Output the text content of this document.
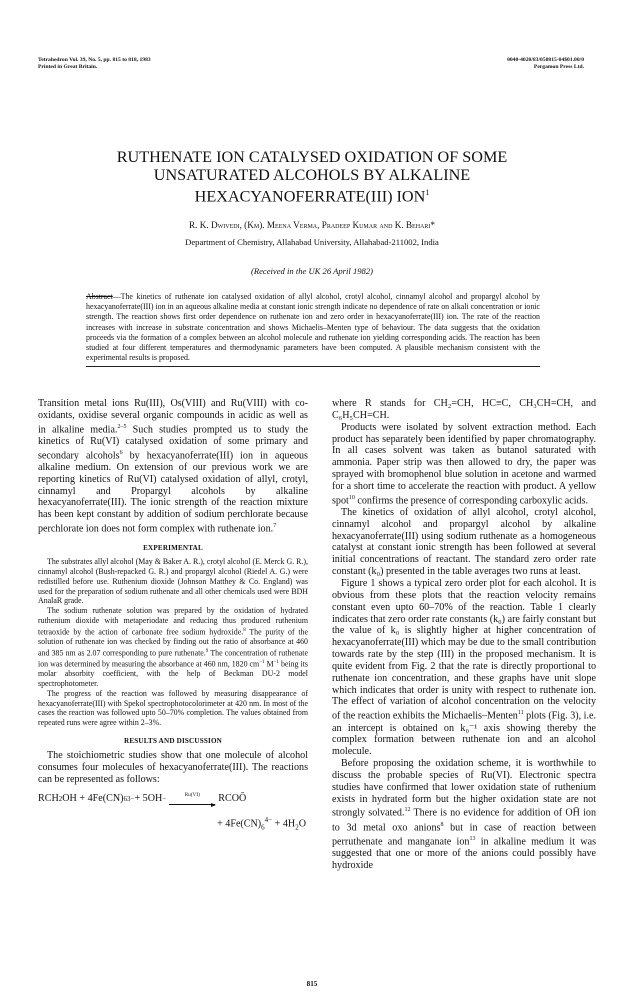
Tetrahedron Vol. 39, No. 5, pp. 815 to 818, 1983
Printed in Great Britain.
0040-4020/83/050815-04$01.00/0
Pergamon Press Ltd.
RUTHENATE ION CATALYSED OXIDATION OF SOME
UNSATURATED ALCOHOLS BY ALKALINE
HEXACYANOFERRATE(III) ION$^1$
R. K. Dwivedi, (Km). Meena Verma, Pradeep Kumar and K. Behari*
Department of Chemistry, Allahabad University, Allahabad-211002, India
(Received in the UK 26 April 1982)
Abstract—The kinetics of ruthenate ion catalysed oxidation of allyl alcohol, crotyl alcohol, cinnamyl alcohol and propargyl alcohol by hexacyanoferrate(III) ion in an aqueous alkaline media at constant ionic strength indicate no dependence of rate on alkali concentration or ionic strength. The reaction shows first order dependence on ruthenate ion and zero order in hexacyanoferrate(III) ion. The rate of the reaction increases with increase in substrate concentration and shows Michaelis–Menten type of behaviour. The data suggests that the oxidation proceeds via the formation of a complex between an alcohol molecule and ruthenate ion yielding corresponding acids. The reaction has been studied at four different temperatures and thermodynamic parameters have been computed. A plausible mechanism consistent with the experimental results is proposed.

Transition metal ions Ru(III), Os(VIII) and Ru(VIII) with co-oxidants, oxidise several organic compounds in acidic as well as in alkaline media.$^{2-5}$ Such studies prompted us to study the kinetics of Ru(VI) catalysed oxidation of some primary and secondary alcohols$^6$ by hexacyanoferrate(III) ion in aqueous alkaline medium. On extension of our previous work we are reporting kinetics of Ru(VI) catalysed oxidation of allyl, crotyl, cinnamyl and Propargyl alcohols by alkaline hexacyanoferrate(III). The ionic strength of the reaction mixture has been kept constant by addition of sodium perchlorate because perchlorate ion does not form complex with ruthenate ion.$^7$

EXPERIMENTAL

The substrates allyl alcohol (May & Baker A. R.), crotyl alcohol (E. Merck G. R.), cinnamyl alcohol (Bush-repacked G. R.) and propargyl alcohol (Riedel A. G.) were redistilled before use. Ruthenium dioxide (Johnson Matthey & Co. England) was used for the preparation of sodium ruthenate and all other chemicals used were BDH AnalaR grade.

The sodium ruthenate solution was prepared by the oxidation of hydrated ruthenium dioxide with metaperiodate and reducing thus produced ruthenium tetraoxide by the action of carbonate free sodium hydroxide.$^8$ The purity of the solution of ruthenate ion was checked by finding out the ratio of absorbance at 460 and 385 nm as 2.07 corresponding to pure ruthenate.$^9$ The concentration of ruthenate ion was determined by measuring the absorbance at 460 nm, 1820 $cm^{-1}$ $M^{-1}$ being its molar absorbity coefficient, with the help of Beckman DU-2 model spectrophotometer.

The progress of the reaction was followed by measuring disappearance of hexacyanoferrate(III) with Spekol spectrophotocolorimeter at 420 nm. In most of the cases the reaction was followed upto 50–70% completion. The values obtained from repeated runs were agree within 2–3%.

RESULTS AND DISCUSSION

The stoichiometric studies show that one molecule of alcohol consumes four molecules of hexacyanoferrate(III). The reactions can be represented as follows:

RCH 2 OH + 4Fe(CN) 6 3− + 5OH −	Ru(VI)	RCOŌ
+ $4Fe(CN)_6^{4-} + 4H_2O$

where R stands for CH₂=CH, HC≡C, CH₃CH=CH, and C₆H₅CH=CH.

Products were isolated by solvent extraction method. Each product has separately been identified by paper chromatography. In all cases solvent was taken as butanol saturated with ammonia. Paper strip was then allowed to dry, the paper was sprayed with bromophenol blue solution in acetone and warmed for a short time to accelerate the reaction with product. A yellow spot$^{10}$ confirms the presence of corresponding carboxylic acids.

The kinetics of oxidation of allyl alcohol, crotyl alcohol, cinnamyl alcohol and propargyl alcohol by alkaline hexacyanoferrate(III) using sodium ruthenate as a homogeneous catalyst at constant ionic strength has been followed at several initial concentrations of reactant. The standard zero order rate constant (k₀) presented in the table averages two runs at least.

Figure 1 shows a typical zero order plot for each alcohol. It is obvious from these plots that the reaction velocity remains constant even upto 60–70% of the reaction. Table 1 clearly indicates that zero order rate constants (k₀) are fairly constant but the value of k₀ is slightly higher at higher concentration of hexacyanoferrate(III) which may be due to the small contribution towards rate by the step (III) in the proposed mechanism. It is quite evident from Fig. 2 that the rate is directly proportional to ruthenate ion concentration, and these graphs have unit slope which indicates that order is unity with respect to ruthenate ion. The effect of variation of alcohol concentration on the velocity of the reaction exhibits the Michaelis–Menten$^{11}$ plots (Fig. 3), i.e. an intercept is obtained on k₀⁻¹ axis showing thereby the complex formation between ruthenate ion and an alcohol molecule.

Before proposing the oxidation scheme, it is worthwhile to discuss the probable species of Ru(VI). Electronic spectra studies have confirmed that lower oxidation state of ruthenium exists in hydrated form but the higher oxidation state are not strongly solvated.$^{12}$ There is no evidence for addition of OH̄ ion to 3d metal oxo anions$^8$ but in case of reaction between perruthenate and manganate ion$^{13}$ in alkaline medium it was suggested that one or more of the anions could possibly have hydroxide

815
